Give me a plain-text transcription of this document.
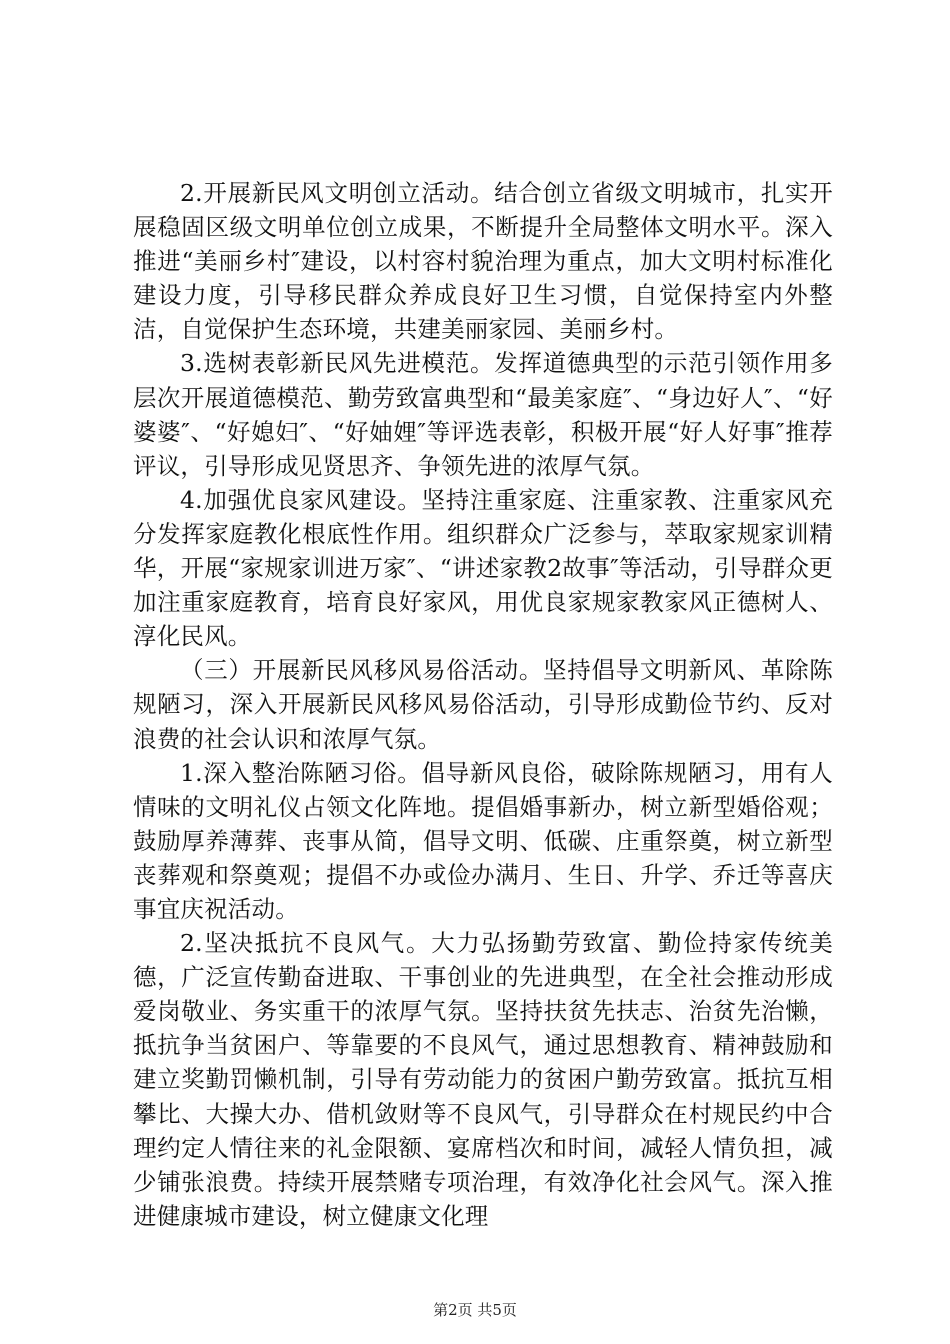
2.开展新民风文明创立活动。结合创立省级文明城市，扎实开展稳固区级文明单位创立成果，不断提升全局整体文明水平。深入推进“美丽乡村″建设，以村容村貌治理为重点，加大文明村标准化建设力度，引导移民群众养成良好卫生习惯，自觉保持室内外整洁，自觉保护生态环境，共建美丽家园、美丽乡村。

3.选树表彰新民风先进模范。发挥道德典型的示范引领作用多层次开展道德模范、勤劳致富典型和“最美家庭″、“身边好人″、“好婆婆″、“好媳妇″、“好妯娌″等评选表彰，积极开展“好人好事″推荐评议，引导形成见贤思齐、争领先进的浓厚气氛。

4.加强优良家风建设。坚持注重家庭、注重家教、注重家风充分发挥家庭教化根底性作用。组织群众广泛参与，萃取家规家训精华，开展“家规家训进万家″、“讲述家教2故事″等活动，引导群众更加注重家庭教育，培育良好家风，用优良家规家教家风正德树人、淳化民风。

（三）开展新民风移风易俗活动。坚持倡导文明新风、革除陈规陋习，深入开展新民风移风易俗活动，引导形成勤俭节约、反对浪费的社会认识和浓厚气氛。

1.深入整治陈陋习俗。倡导新风良俗，破除陈规陋习，用有人情味的文明礼仪占领文化阵地。提倡婚事新办，树立新型婚俗观；鼓励厚养薄葬、丧事从简，倡导文明、低碳、庄重祭奠，树立新型丧葬观和祭奠观；提倡不办或俭办满月、生日、升学、乔迁等喜庆事宜庆祝活动。

2.坚决抵抗不良风气。大力弘扬勤劳致富、勤俭持家传统美德，广泛宣传勤奋进取、干事创业的先进典型，在全社会推动形成爱岗敬业、务实重干的浓厚气氛。坚持扶贫先扶志、治贫先治懒，抵抗争当贫困户、等靠要的不良风气，通过思想教育、精神鼓励和建立奖勤罚懒机制，引导有劳动能力的贫困户勤劳致富。抵抗互相攀比、大操大办、借机敛财等不良风气，引导群众在村规民约中合理约定人情往来的礼金限额、宴席档次和时间，减轻人情负担，减少铺张浪费。持续开展禁赌专项治理，有效净化社会风气。深入推进健康城市建设，树立健康文化理

第2页 共5页
